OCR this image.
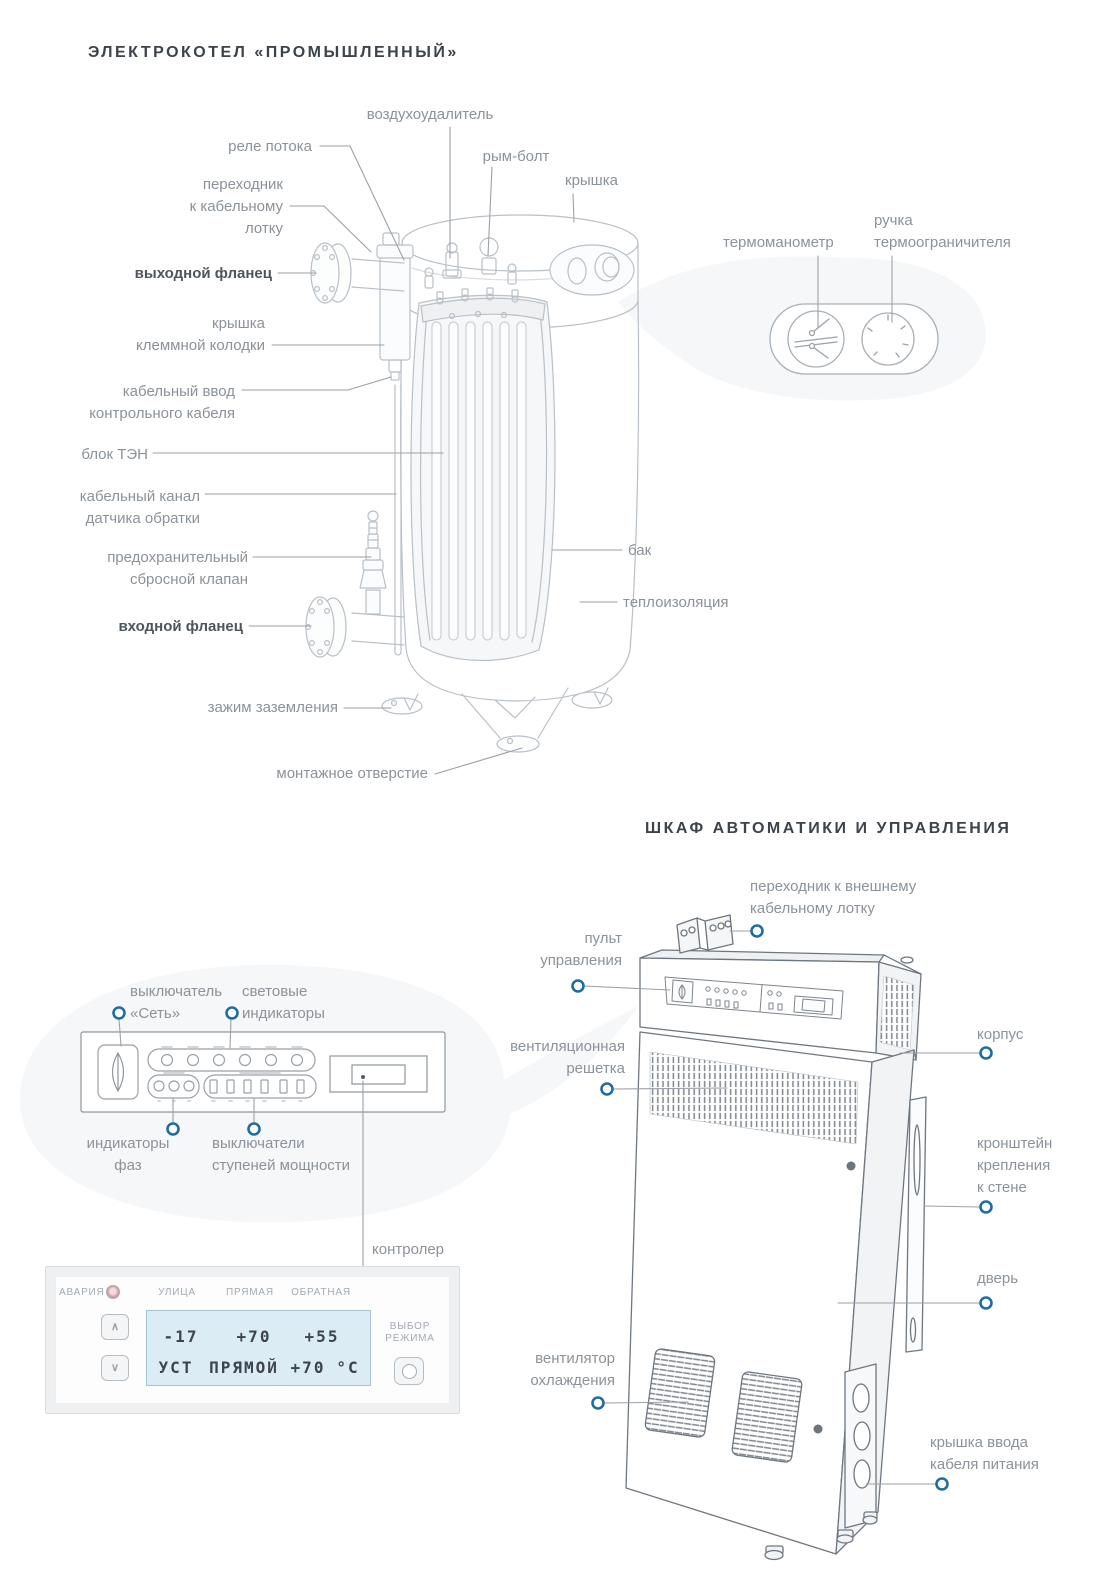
ЭЛЕКТРОКОТЕЛ «ПРОМЫШЛЕННЫЙ»
ШКАФ АВТОМАТИКИ И УПРАВЛЕНИЯ
воздухоудалитель
реле потока
рым-болт
крышка
переходник
к кабельному
лотку
выходной фланец
крышка
клеммной колодки
кабельный ввод
контрольного кабеля
блок ТЭН
кабельный канал
датчика обратки
предохранительный
сбросной клапан
входной фланец
зажим заземления
монтажное отверстие
термоманометр
ручка
термоограничителя
бак
теплоизоляция
переходник к внешнему
кабельному лотку
пульт
управления
вентиляционная
решетка
корпус
кронштейн
крепления
к стене
дверь
вентилятор
охлаждения
крышка ввода
кабеля питания
выключатель
«Сеть»
световые
индикаторы
индикаторы
фаз
выключатели
ступеней мощности
контролер
АВАРИЯ	УЛИЦА	ПРЯМАЯ	ОБРАТНАЯ
∧
∨
-17	+70	+55
УСТ ПРЯМОЙ +70 °С
ВЫБОР
РЕЖИМА
